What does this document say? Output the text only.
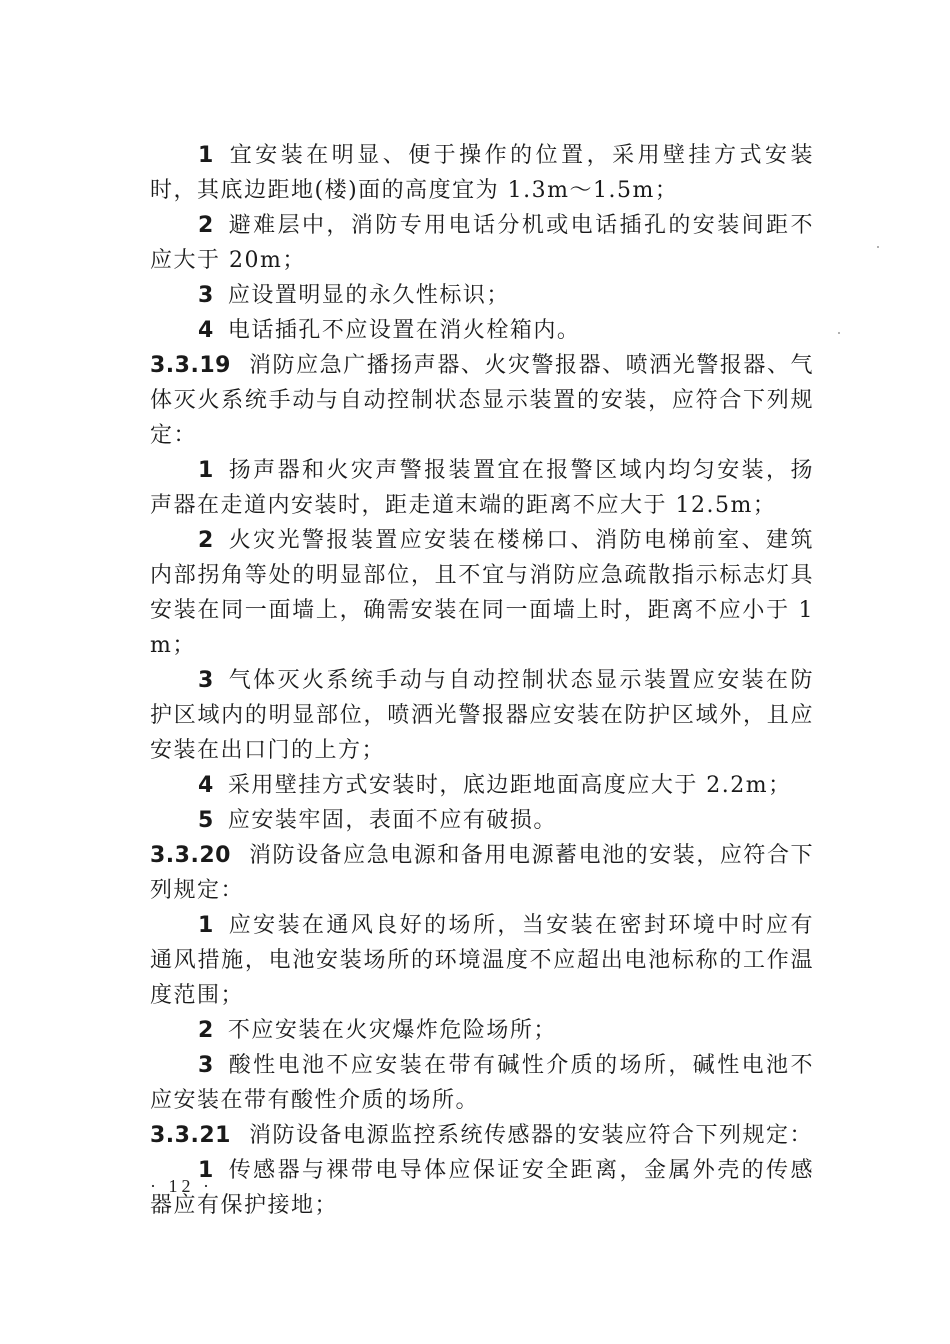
1 宜安装在明显、便于操作的位置，采用壁挂方式安装时，其底边距地(楼)面的高度宜为 1.3m～1.5m；

2 避难层中，消防专用电话分机或电话插孔的安装间距不应大于 20m；

3 应设置明显的永久性标识；

4 电话插孔不应设置在消火栓箱内。

3.3.19 消防应急广播扬声器、火灾警报器、喷洒光警报器、气体灭火系统手动与自动控制状态显示装置的安装，应符合下列规定：

1 扬声器和火灾声警报装置宜在报警区域内均匀安装，扬声器在走道内安装时，距走道末端的距离不应大于 12.5m；

2 火灾光警报装置应安装在楼梯口、消防电梯前室、建筑内部拐角等处的明显部位，且不宜与消防应急疏散指示标志灯具安装在同一面墙上，确需安装在同一面墙上时，距离不应小于 1m；

3 气体灭火系统手动与自动控制状态显示装置应安装在防护区域内的明显部位，喷洒光警报器应安装在防护区域外，且应安装在出口门的上方；

4 采用壁挂方式安装时，底边距地面高度应大于 2.2m；

5 应安装牢固，表面不应有破损。

3.3.20 消防设备应急电源和备用电源蓄电池的安装，应符合下列规定：

1 应安装在通风良好的场所，当安装在密封环境中时应有通风措施，电池安装场所的环境温度不应超出电池标称的工作温度范围；

2 不应安装在火灾爆炸危险场所；

3 酸性电池不应安装在带有碱性介质的场所，碱性电池不应安装在带有酸性介质的场所。

3.3.21 消防设备电源监控系统传感器的安装应符合下列规定：

1 传感器与裸带电导体应保证安全距离，金属外壳的传感器应有保护接地；

· 12 ·
